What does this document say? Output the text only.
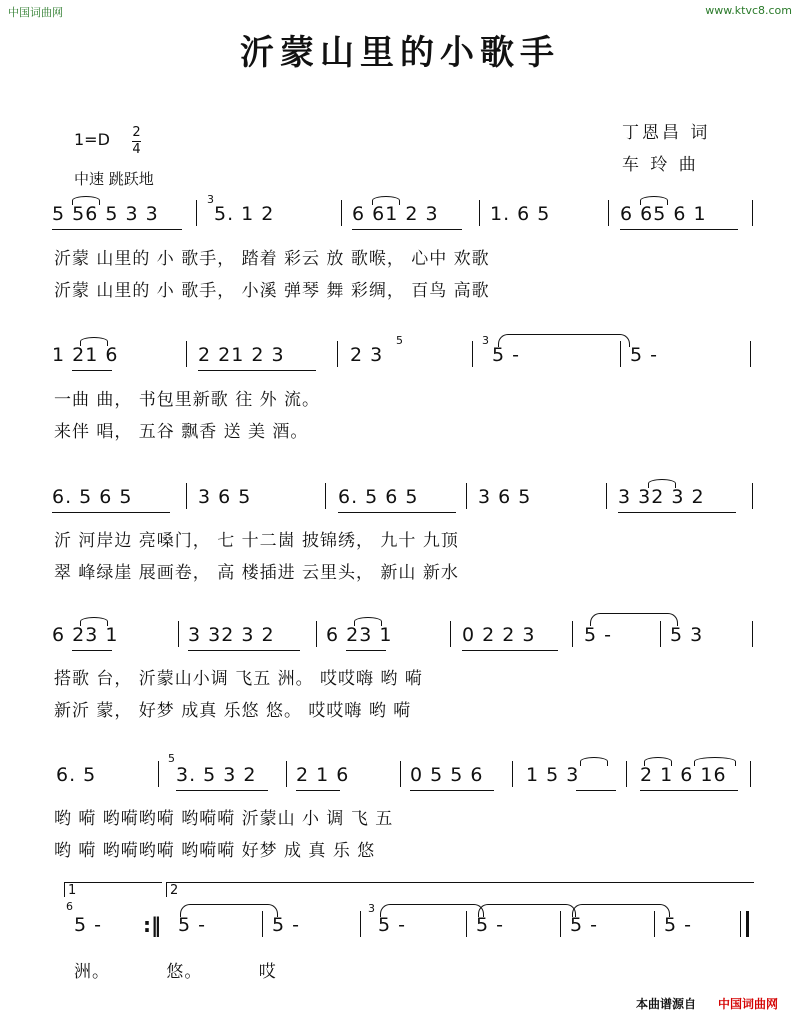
中国词曲网	www.ktvc8.com
沂蒙山里的小歌手
1=D 2
4
中速 跳跃地
丁恩昌 词
车 玲 曲
5 56 5 3 3
3
5. 1 2	6 61 2 3	1. 6 5	6 65 6 1
沂蒙 山里的 小 歌手， 踏着 彩云 放 歌喉， 心中 欢歌
沂蒙 山里的 小 歌手， 小溪 弹琴 舞 彩绸， 百鸟 高歌
1 21 6	2 21 2 3
5
2 3
3
5 -	5 -
一曲 曲， 书包里新歌 往 外 流。
来伴 唱， 五谷 飘香 送 美 酒。
6. 5 6 5	3 6 5	6. 5 6 5	3 6 5	3 32 3 2
沂 河岸边 亮嗓门， 七 十二崮 披锦绣， 九十 九顶
翠 峰绿崖 展画卷， 高 楼插进 云里头， 新山 新水
6 23 1	3 32 3 2	6 23 1	0 2 2 3	5 -	5 3
搭歌 台， 沂蒙山小调 飞五 洲。 哎哎嗨 哟 嗬
新沂 蒙， 好梦 成真 乐悠 悠。 哎哎嗨 哟 嗬
6. 5
5
3. 5 3 2 2 1 6	0 5 5 6 1 5 3	2 1 6 16
哟 嗬 哟嗬哟嗬 哟嗬嗬 沂蒙山 小 调 飞 五
哟 嗬 哟嗬哟嗬 哟嗬嗬 好梦 成 真 乐 悠
1	2
6
5 - :‖ 5 -	5 -
3
5 -	5 -	5 -	5 -
洲。 悠。 哎
本曲谱源自 中国词曲网
